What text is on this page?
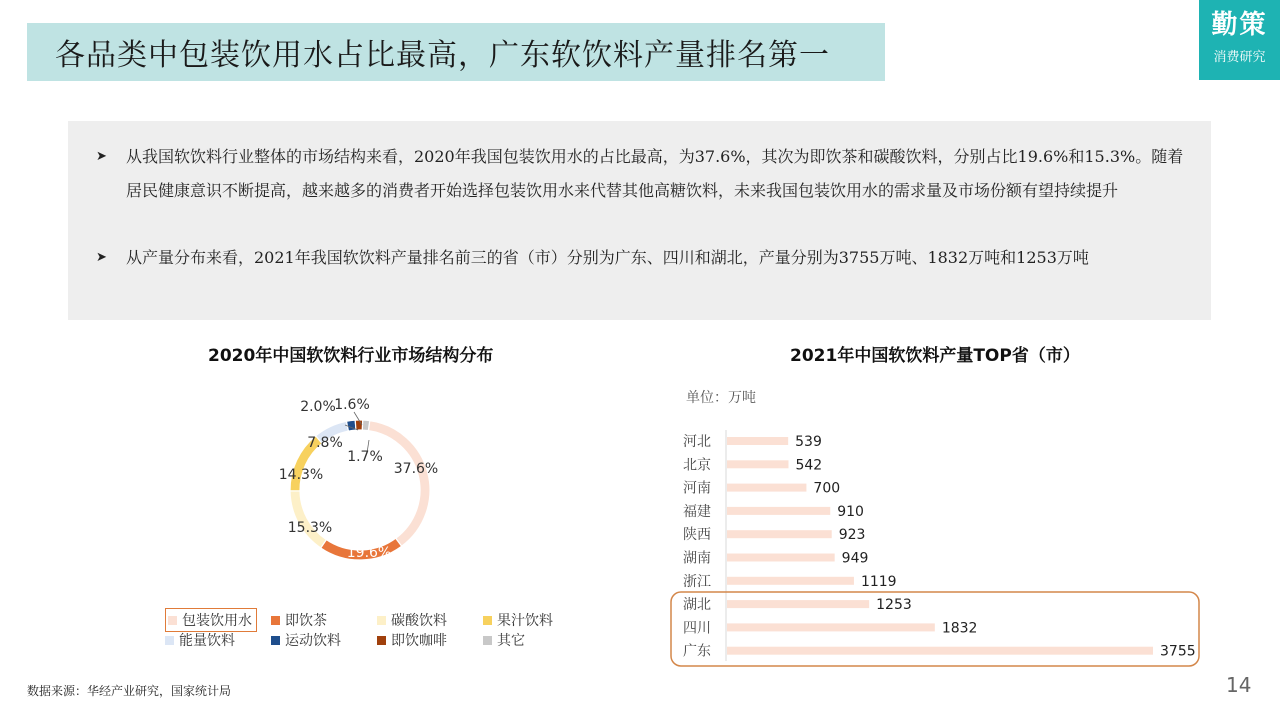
各品类中包装饮用水占比最高，广东软饮料产量排名第一
勤策
消费研究
➤	从我国软饮料行业整体的市场结构来看，2020年我国包装饮用水的占比最高，为37.6%，其次为即饮茶和碳酸饮料，分别占比19.6%和15.3%。随着居民健康意识不断提高，越来越多的消费者开始选择包装饮用水来代替其他高糖饮料，未来我国包装饮用水的需求量及市场份额有望持续提升
➤	从产量分布来看，2021年我国软饮料产量排名前三的省（市）分别为广东、四川和湖北，产量分别为3755万吨、1832万吨和1253万吨
2020年中国软饮料行业市场结构分布	2021年中国软饮料产量TOP省（市）
单位：万吨
37.6%
19.6%
15.3%
14.3%
7.8%
2.0%
1.7%
1.6%
包装饮用水 即饮茶	碳酸饮料	果汁饮料
能量饮料	运动饮料	即饮咖啡	其它
河北	539
北京	542
河南	700
福建	910
陕西	923
湖南	949
浙江	1119
湖北	1253
四川	1832
广东	3755
数据来源：华经产业研究，国家统计局	14
